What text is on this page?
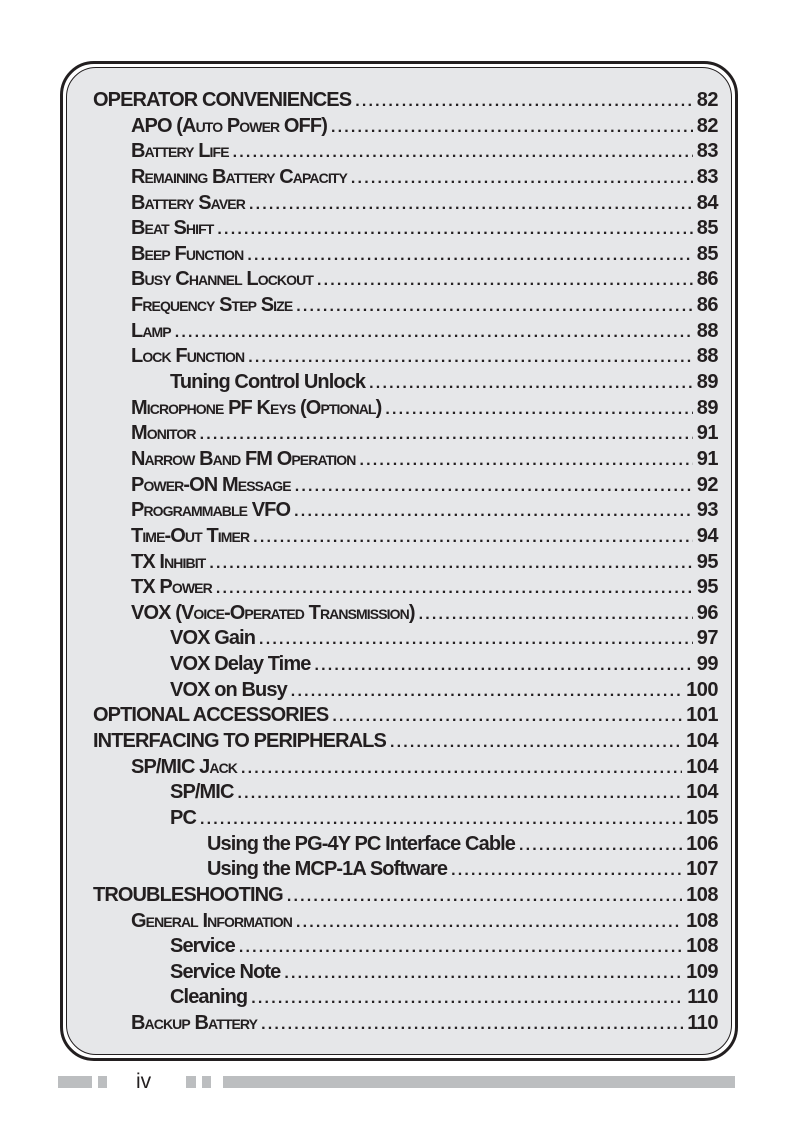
OPERATOR CONVENIENCES .....	82
APO (Auto Power OFF) .....	82
Battery Life .....	83
Remaining Battery Capacity .....	83
Battery Saver .....	84
Beat Shift .....	85
Beep Function .....	85
Busy Channel Lockout .....	86
Frequency Step Size .....	86
Lamp .....	88
Lock Function .....	88
Tuning Control Unlock .....	89
Microphone PF Keys (Optional) .....	89
Monitor .....	91
Narrow Band FM Operation .....	91
Power-ON Message .....	92
Programmable VFO .....	93
Time-Out Timer .....	94
TX Inhibit .....	95
TX Power .....	95
VOX (Voice-Operated Transmission) .....	96
VOX Gain .....	97
VOX Delay Time .....	99
VOX on Busy .....	100
OPTIONAL ACCESSORIES .....	101
INTERFACING TO PERIPHERALS .....	104
SP/MIC Jack .....	104
SP/MIC .....	104
PC .....	105
Using the PG-4Y PC Interface Cable .....	106
Using the MCP-1A Software .....	107
TROUBLESHOOTING .....	108
General Information .....	108
Service .....	108
Service Note .....	109
Cleaning .....	110
Backup Battery .....	110
iv
